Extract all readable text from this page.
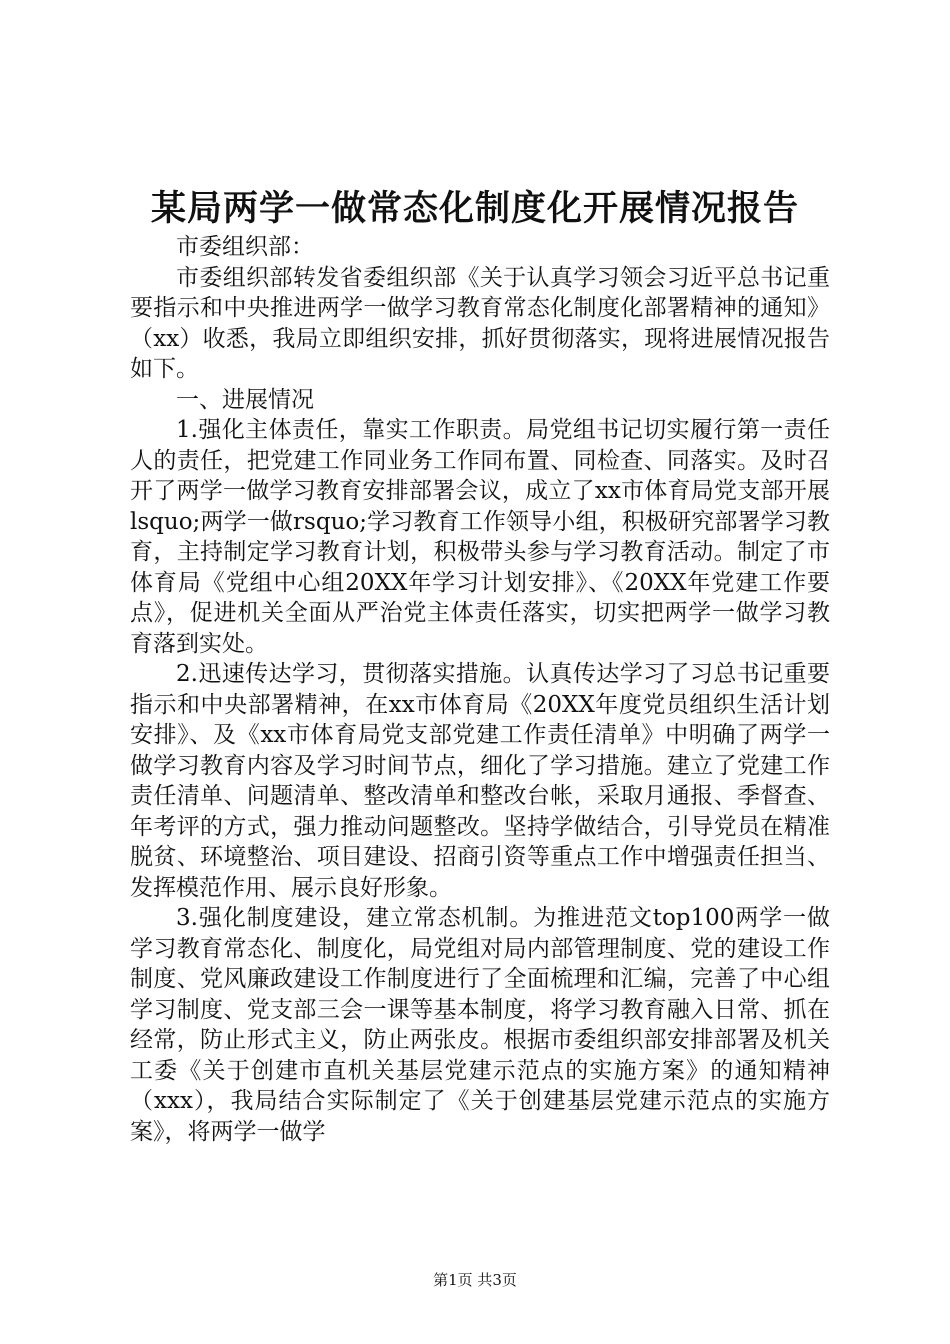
某局两学一做常态化制度化开展情况报告

市委组织部：

市委组织部转发省委组织部《关于认真学习领会习近平总书记重要指示和中央推进两学一做学习教育常态化制度化部署精神的通知》（xx）收悉，我局立即组织安排，抓好贯彻落实，现将进展情况报告如下。

一、进展情况

1.强化主体责任，靠实工作职责。局党组书记切实履行第一责任人的责任，把党建工作同业务工作同布置、同检查、同落实。及时召开了两学一做学习教育安排部署会议，成立了xx市体育局党支部开展lsquo;两学一做rsquo;学习教育工作领导小组，积极研究部署学习教育，主持制定学习教育计划，积极带头参与学习教育活动。制定了市体育局《党组中心组20XX年学习计划安排》、《20XX年党建工作要点》，促进机关全面从严治党主体责任落实，切实把两学一做学习教育落到实处。

2.迅速传达学习，贯彻落实措施。认真传达学习了习总书记重要指示和中央部署精神，在xx市体育局《20XX年度党员组织生活计划安排》、及《xx市体育局党支部党建工作责任清单》中明确了两学一做学习教育内容及学习时间节点，细化了学习措施。建立了党建工作责任清单、问题清单、整改清单和整改台帐，采取月通报、季督查、年考评的方式，强力推动问题整改。坚持学做结合，引导党员在精准脱贫、环境整治、项目建设、招商引资等重点工作中增强责任担当、发挥模范作用、展示良好形象。

3.强化制度建设，建立常态机制。为推进范文top100两学一做学习教育常态化、制度化，局党组对局内部管理制度、党的建设工作制度、党风廉政建设工作制度进行了全面梳理和汇编，完善了中心组学习制度、党支部三会一课等基本制度，将学习教育融入日常、抓在经常，防止形式主义，防止两张皮。根据市委组织部安排部署及机关工委《关于创建市直机关基层党建示范点的实施方案》的通知精神（xxx），我局结合实际制定了《关于创建基层党建示范点的实施方案》，将两学一做学

第1页 共3页
